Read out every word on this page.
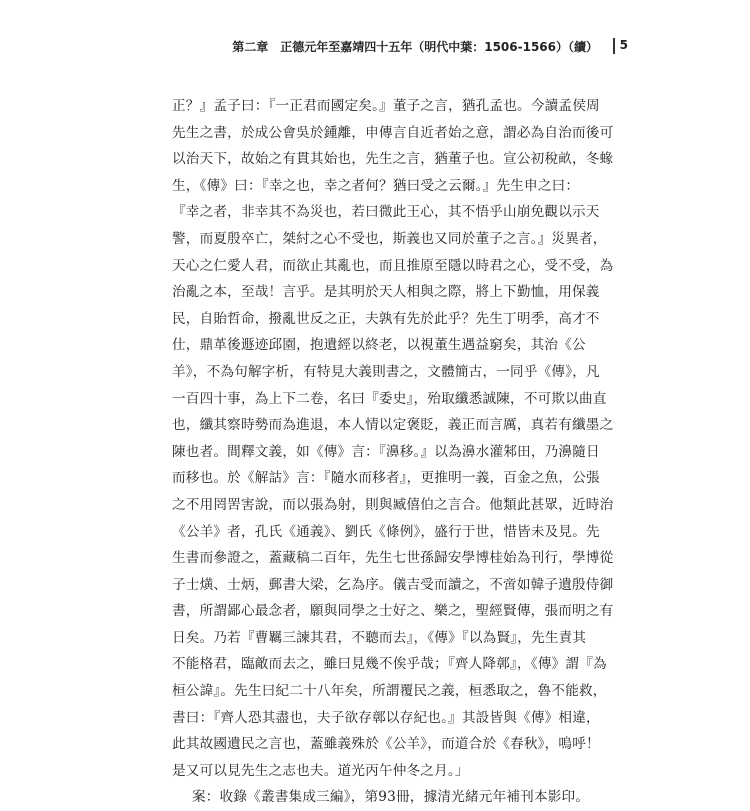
第二章　正德元年至嘉靖四十五年（明代中葉：1506-1566）（續） 5
正？』孟子曰：『一正君而國定矣。』董子之言，猶孔孟也。今讀孟侯周
先生之書，於成公會吳於鍾離，申傳言自近者始之意，謂必為自治而後可
以治天下，故始之有貫其始也，先生之言，猶董子也。宣公初稅畝，冬蝝
生，《傳》曰：『幸之也，幸之者何？猶曰受之云爾。』先生申之曰：
『幸之者，非幸其不為災也，若曰微此王心，其不悟乎山崩免觀以示天
警，而夏殷卒亡，桀紂之心不受也，斯義也又同於董子之言。』災異者，
天心之仁愛人君，而欲止其亂也，而且推原至隱以時君之心，受不受，為
治亂之本，至哉！言乎。是其明於天人相與之際，將上下勤恤，用保義
民，自貽哲命，撥亂世反之正，夫孰有先於此乎？先生丁明季，高才不
仕，鼎革後遯迹邱園，抱遺經以終老，以視董生遇益窮矣，其治《公
羊》，不為句解字析，有特見大義則書之，文體簡古，一同乎《傳》，凡
一百四十事，為上下二卷，名曰『委史』，殆取纖悉誠陳，不可欺以曲直
也，纖其察時勢而為進退，本人情以定褒貶，義正而言厲，真若有纖墨之
陳也者。間釋文義，如《傳》言：『濞移。』以為濞水灌邾田，乃濞隨日
而移也。於《解詁》言：『隨水而移者』，更推明一義，百金之魚，公張
之不用罔罟害說，而以張為射，則與臧僖伯之言合。他類此甚眾，近時治
《公羊》者，孔氏《通義》、劉氏《條例》，盛行于世，惜皆未及見。先
生書而參證之，蓋藏稿二百年，先生七世孫歸安學博桂始為刊行，學博從
子士熿、士炳，郵書大梁，乞為序。儀吉受而讀之，不啻如韓子遺殷侍御
書，所謂鄙心最念者，願與同學之士好之、樂之，聖經賢傳，張而明之有
日矣。乃若『曹羈三諫其君，不聽而去』，《傳》『以為賢』，先生責其
不能格君，臨敵而去之，雖曰見幾不俟乎哉；『齊人降鄣』，《傳》謂『為
桓公諱』。先生曰紀二十八年矣，所謂覆民之義，桓悉取之，魯不能救，
書曰：『齊人恐其盡也，夫子欲存鄣以存紀也。』其設皆與《傳》相違，
此其故國遺民之言也，蓋雖義殊於《公羊》，而道合於《春秋》，嗚呼！
是又可以見先生之志也夫。道光丙午仲冬之月。」
案：收錄《叢書集成三編》，第93冊，據清光緒元年補刊本影印。
